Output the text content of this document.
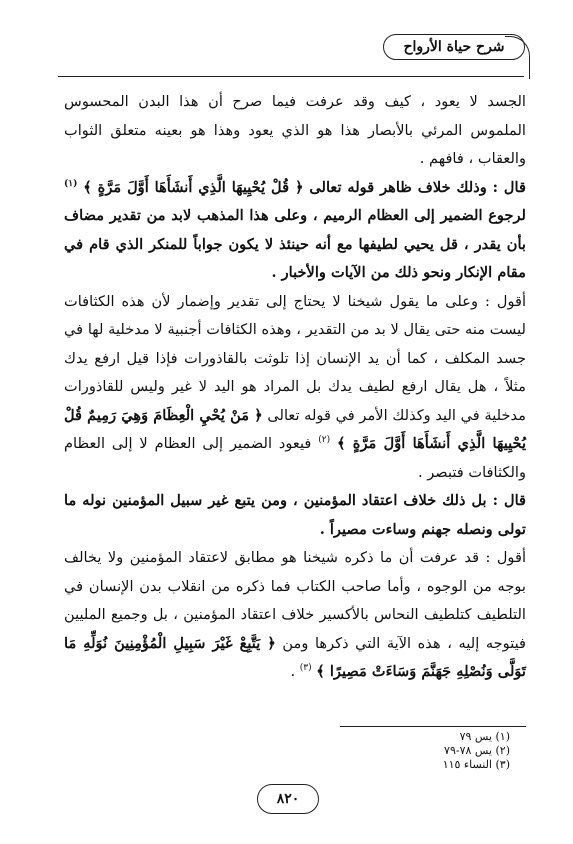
شرح حياة الأرواح

الجسد لا يعود ، كيف وقد عرفت فيما صرح أن هذا البدن المحسوس الملموس المرئي بالأبصار هذا هو الذي يعود وهذا هو بعينه متعلق الثواب والعقاب ، فافهم .

قال : وذلك خلاف ظاهر قوله تعالى ﴿ قُلْ يُحْيِيهَا الَّذِي أَنشَأَهَا أَوَّلَ مَرَّةٍ ﴾ $^{(١)}$ لرجوع الضمير إلى العظام الرميم ، وعلى هذا المذهب لابد من تقدير مضاف بأن يقدر ، قل يحيي لطيفها مع أنه حينئذ لا يكون جواباً للمنكر الذي قام في مقام الإنكار ونحو ذلك من الآيات والأخبار .

أقول : وعلى ما يقول شيخنا لا يحتاج إلى تقدير وإضمار لأن هذه الكثافات ليست منه حتى يقال لا بد من التقدير ، وهذه الكثافات أجنبية لا مدخلية لها في جسد المكلف ، كما أن يد الإنسان إذا تلوثت بالقاذورات فإذا قيل ارفع يدك مثلاً ، هل يقال ارفع لطيف يدك بل المراد هو اليد لا غير وليس للقاذورات مدخلية في اليد وكذلك الأمر في قوله تعالى ﴿ مَنْ يُحْيِ الْعِظَامَ وَهِيَ رَمِيمٌ قُلْ يُحْيِيهَا الَّذِي أَنشَأَهَا أَوَّلَ مَرَّةٍ ﴾ $^{(٢)}$ فيعود الضمير إلى العظام لا إلى العظام والكثافات فتبصر .

قال : بل ذلك خلاف اعتقاد المؤمنين ، ومن يتبع غير سبيل المؤمنين نوله ما تولى ونصله جهنم وساءت مصيراً .

أقول : قد عرفت أن ما ذكره شيخنا هو مطابق لاعتقاد المؤمنين ولا يخالف بوجه من الوجوه ، وأما صاحب الكتاب فما ذكره من انقلاب بدن الإنسان في التلطيف كتلطيف النحاس بالأكسير خلاف اعتقاد المؤمنين ، بل وجميع المليين فيتوجه إليه ، هذه الآية التي ذكرها ومن ﴿ يَتَّبِعْ غَيْرَ سَبِيلِ الْمُؤْمِنِينَ نُوَلِّهِ مَا تَوَلَّى وَنُصْلِهِ جَهَنَّمَ وَسَاءَتْ مَصِيرًا ﴾ $^{(٣)}$ .

(١) يس ٧٩
(٢) يس ٧٨-٧٩
(٣) النساء ١١٥
٨٢٠
